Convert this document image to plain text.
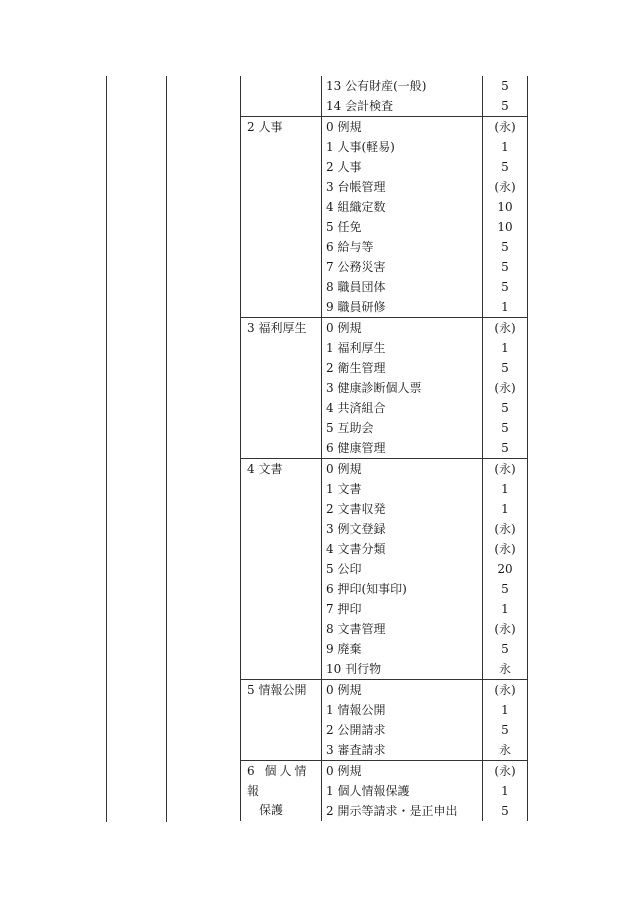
	13 公有財産(一般)	5
	14 会計検査	5

2 人事	0 例規	(永)
	1 人事(軽易)	1
	2 人事	5
	3 台帳管理	(永)
	4 組織定数	10
	5 任免	10
	6 給与等	5
	7 公務災害	5
	8 職員団体	5
	9 職員研修	1

3 福利厚生	0 例規	(永)
	1 福利厚生	1
	2 衛生管理	5
	3 健康診断個人票	(永)
	4 共済組合	5
	5 互助会	5
	6 健康管理	5

4 文書	0 例規	(永)
	1 文書	1
	2 文書収発	1
	3 例文登録	(永)
	4 文書分類	(永)
	5 公印	20
	6 押印(知事印)	5
	7 押印	1
	8 文書管理	(永)
	9 廃棄	5
	10 刊行物	永

5 情報公開	0 例規	(永)
	1 情報公開	1
	2 公開請求	5
	3 審査請求	永

6 個人情報
保護	0 例規	(永)
	1 個人情報保護	1
	2 開示等請求・是正申出	5
